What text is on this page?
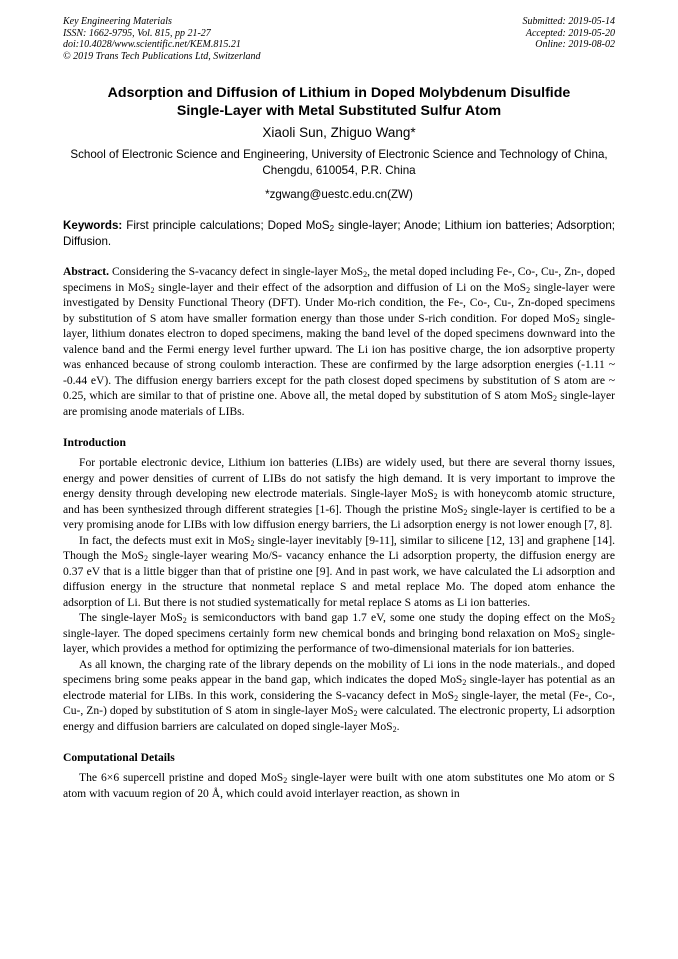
Key Engineering Materials
ISSN: 1662-9795, Vol. 815, pp 21-27
doi:10.4028/www.scientific.net/KEM.815.21
© 2019 Trans Tech Publications Ltd, Switzerland
Submitted: 2019-05-14
Accepted: 2019-05-20
Online: 2019-08-02
Adsorption and Diffusion of Lithium in Doped Molybdenum Disulfide
Single-Layer with Metal Substituted Sulfur Atom
Xiaoli Sun, Zhiguo Wang*
School of Electronic Science and Engineering, University of Electronic Science and Technology of China, Chengdu, 610054, P.R. China
*zgwang@uestc.edu.cn(ZW)
Keywords: First principle calculations; Doped MoS$_2$ single-layer; Anode; Lithium ion batteries; Adsorption; Diffusion.
Abstract. Considering the S-vacancy defect in single-layer MoS$_2$, the metal doped including Fe-, Co-, Cu-, Zn-, doped specimens in MoS$_2$ single-layer and their effect of the adsorption and diffusion of Li on the MoS$_2$ single-layer were investigated by Density Functional Theory (DFT). Under Mo-rich condition, the Fe-, Co-, Cu-, Zn-doped specimens by substitution of S atom have smaller formation energy than those under S-rich condition. For doped MoS$_2$ single-layer, lithium donates electron to doped specimens, making the band level of the doped specimens downward into the valence band and the Fermi energy level further upward. The Li ion has positive charge, the ion adsorptive property was enhanced because of strong coulomb interaction. These are confirmed by the large adsorption energies (-1.11 ~ -0.44 eV). The diffusion energy barriers except for the path closest doped specimens by substitution of S atom are ~ 0.25, which are similar to that of pristine one. Above all, the metal doped by substitution of S atom MoS$_2$ single-layer are promising anode materials of LIBs.
Introduction

For portable electronic device, Lithium ion batteries (LIBs) are widely used, but there are several thorny issues, energy and power densities of current of LIBs do not satisfy the high demand. It is very important to improve the energy density through developing new electrode materials. Single-layer MoS$_2$ is with honeycomb atomic structure, and has been synthesized through different strategies [1-6]. Though the pristine MoS$_2$ single-layer is certified to be a very promising anode for LIBs with low diffusion energy barriers, the Li adsorption energy is not lower enough [7, 8].

In fact, the defects must exit in MoS$_2$ single-layer inevitably [9-11], similar to silicene [12, 13] and graphene [14]. Though the MoS$_2$ single-layer wearing Mo/S- vacancy enhance the Li adsorption property, the diffusion energy are 0.37 eV that is a little bigger than that of pristine one [9]. And in past work, we have calculated the Li adsorption and diffusion energy in the structure that nonmetal replace S and metal replace Mo. The doped atom enhance the adsorption of Li. But there is not studied systematically for metal replace S atoms as Li ion batteries.

The single-layer MoS$_2$ is semiconductors with band gap 1.7 eV, some one study the doping effect on the MoS$_2$ single-layer. The doped specimens certainly form new chemical bonds and bringing bond relaxation on MoS$_2$ single-layer, which provides a method for optimizing the performance of two-dimensional materials for ion batteries.

As all known, the charging rate of the library depends on the mobility of Li ions in the node materials., and doped specimens bring some peaks appear in the band gap, which indicates the doped MoS$_2$ single-layer has potential as an electrode material for LIBs. In this work, considering the S-vacancy defect in MoS$_2$ single-layer, the metal (Fe-, Co-, Cu-, Zn-) doped by substitution of S atom in single-layer MoS$_2$ were calculated. The electronic property, Li adsorption energy and diffusion barriers are calculated on doped single-layer MoS$_2$.

Computational Details

The 6×6 supercell pristine and doped MoS$_2$ single-layer were built with one atom substitutes one Mo atom or S atom with vacuum region of 20 Å, which could avoid interlayer reaction, as shown in
